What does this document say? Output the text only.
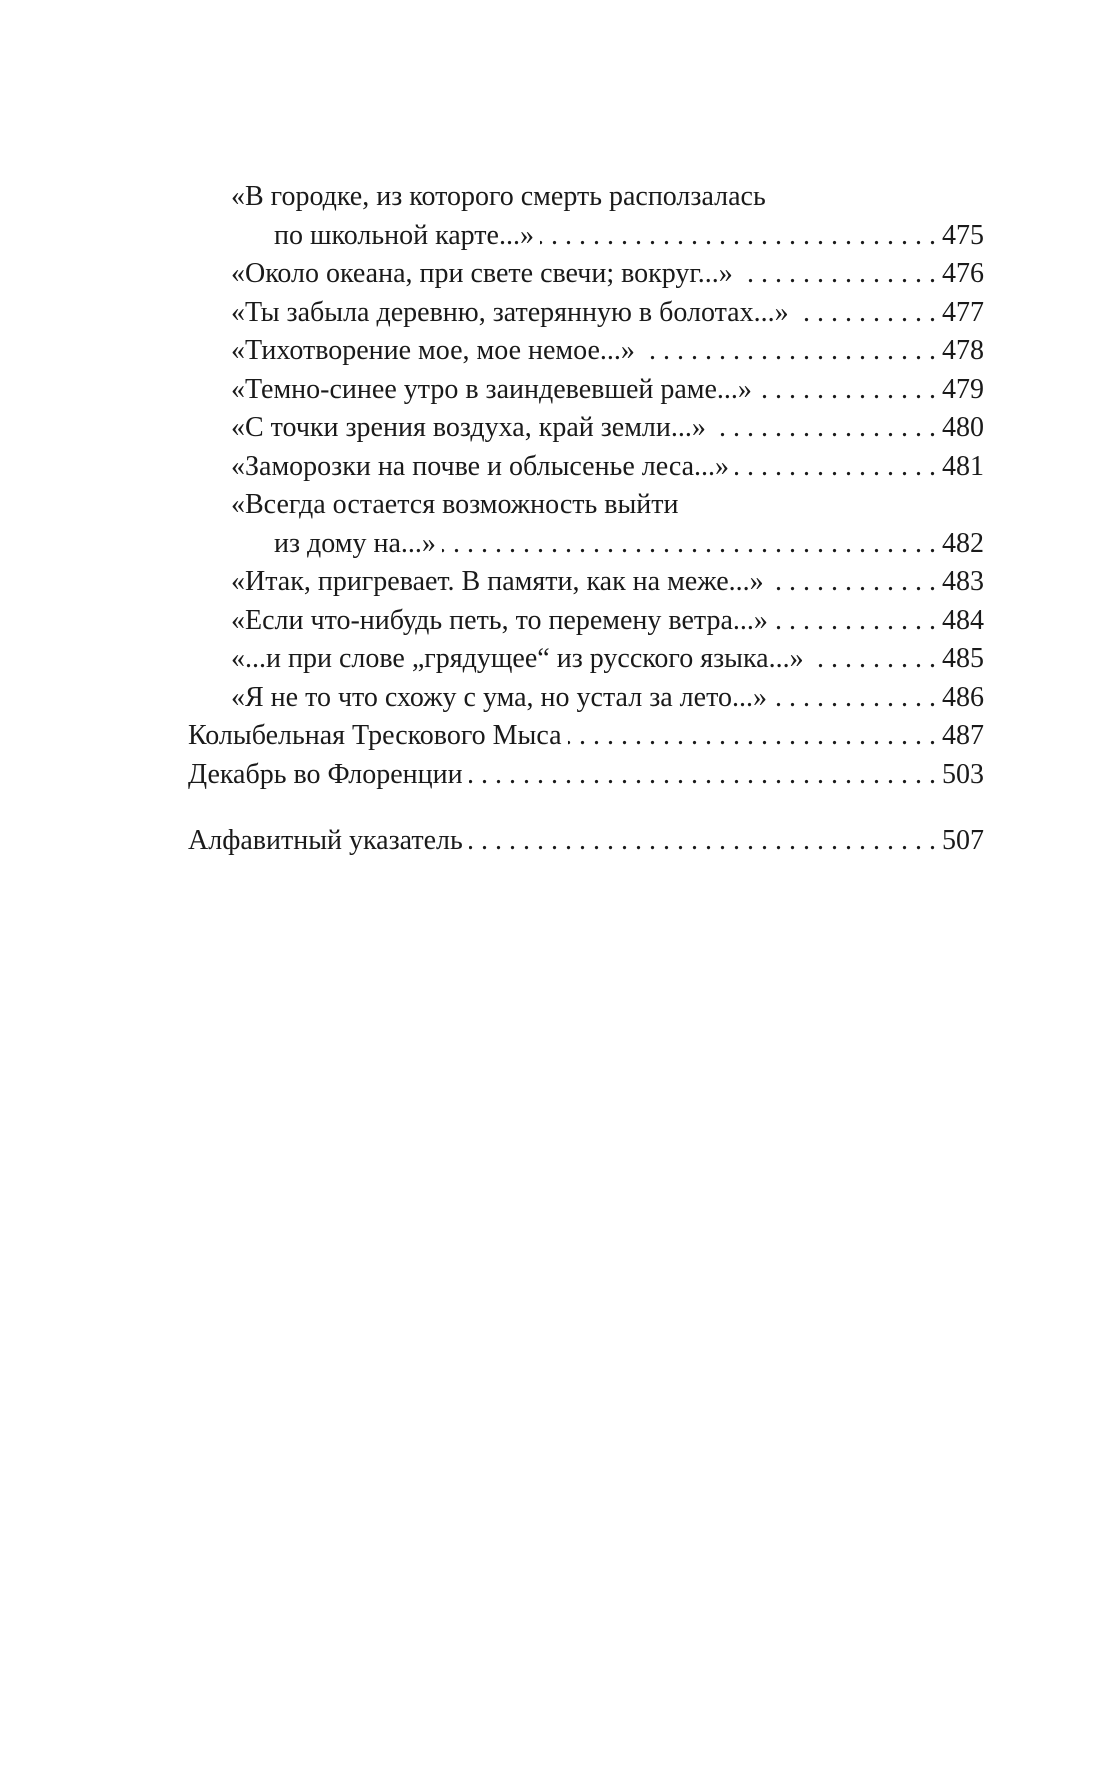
«В городке, из которого смерть расползалась
по школьной карте...» . . .	475
«Около океана, при свете свечи; вокруг...» . . .	476
«Ты забыла деревню, затерянную в болотах...» . . .	477
«Тихотворение мое, мое немое...» . . .	478
«Темно-синее утро в заиндевевшей раме...» . . .	479
«С точки зрения воздуха, край земли...» . . .	480
«Заморозки на почве и облысенье леса...» . . .	481
«Всегда остается возможность выйти
из дому на...» . . .	482
«Итак, пригревает. В памяти, как на меже...» . . .	483
«Если что-нибудь петь, то перемену ветра...» . . .	484
«...и при слове „грядущее“ из русского языка...» . . .	485
«Я не то что схожу с ума, но устал за лето...» . . .	486
Колыбельная Трескового Мыса . . .	487
Декабрь во Флоренции . . .	503
Алфавитный указатель . . .	507
